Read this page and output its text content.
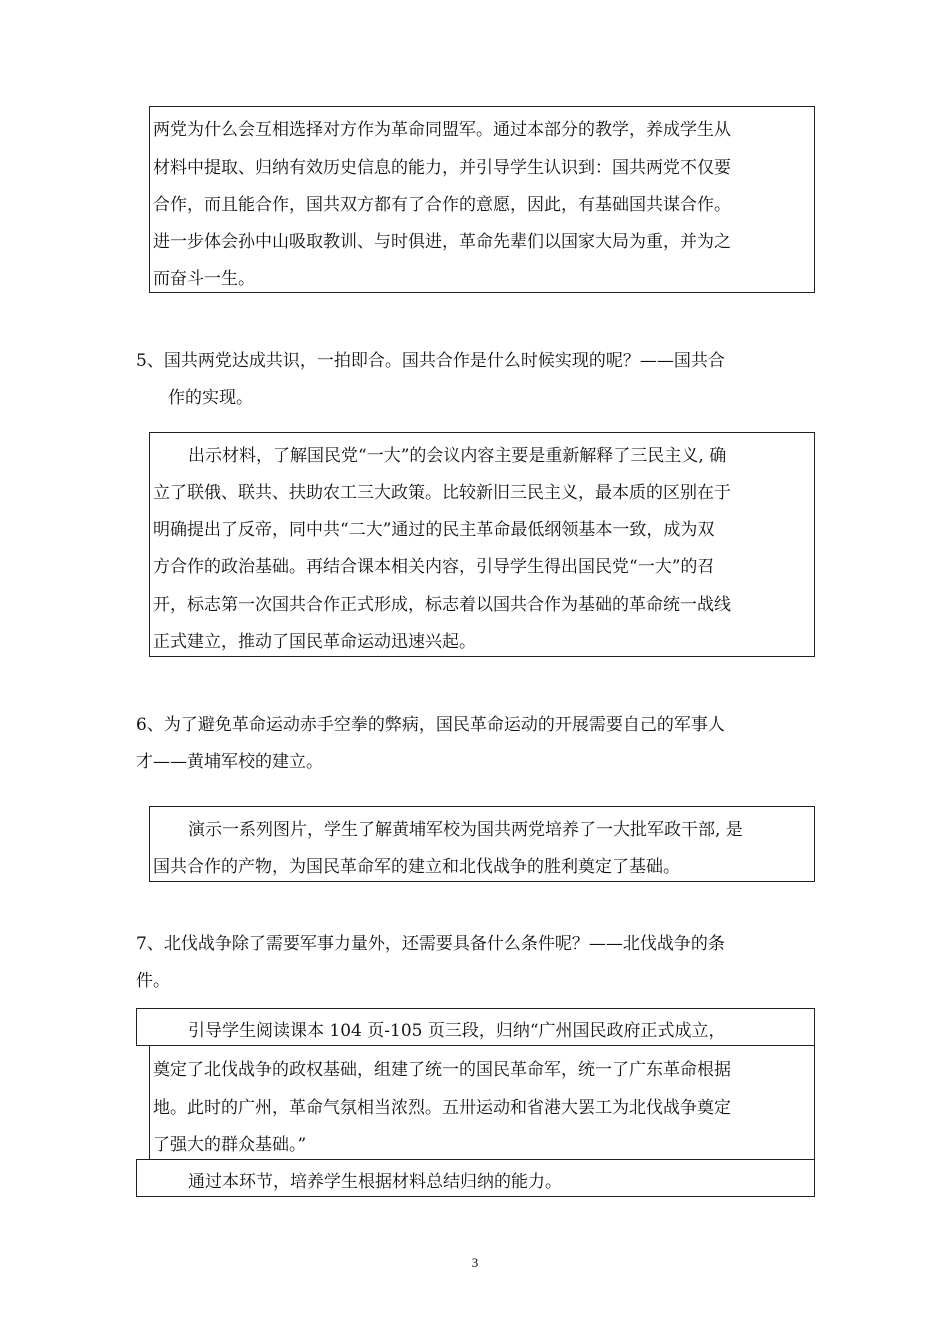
两党为什么会互相选择对方作为革命同盟军。通过本部分的教学，养成学生从
材料中提取、归纳有效历史信息的能力，并引导学生认识到：国共两党不仅要
合作，而且能合作，国共双方都有了合作的意愿，因此，有基础国共谋合作。
进一步体会孙中山吸取教训、与时俱进，革命先辈们以国家大局为重，并为之
而奋斗一生。
5、国共两党达成共识，一拍即合。国共合作是什么时候实现的呢？——国共合
作的实现。
出示材料，了解国民党“一大”的会议内容主要是重新解释了三民主义, 确
立了联俄、联共、扶助农工三大政策。比较新旧三民主义，最本质的区别在于
明确提出了反帝，同中共“二大”通过的民主革命最低纲领基本一致，成为双
方合作的政治基础。再结合课本相关内容，引导学生得出国民党“一大”的召
开，标志第一次国共合作正式形成，标志着以国共合作为基础的革命统一战线
正式建立，推动了国民革命运动迅速兴起。
6、为了避免革命运动赤手空拳的弊病，国民革命运动的开展需要自己的军事人
才——黄埔军校的建立。
演示一系列图片，学生了解黄埔军校为国共两党培养了一大批军政干部, 是
国共合作的产物，为国民革命军的建立和北伐战争的胜利奠定了基础。
7、北伐战争除了需要军事力量外，还需要具备什么条件呢？——北伐战争的条
件。
引导学生阅读课本 104 页-105 页三段，归纳“广州国民政府正式成立，
奠定了北伐战争的政权基础，组建了统一的国民革命军，统一了广东革命根据
地。此时的广州，革命气氛相当浓烈。五卅运动和省港大罢工为北伐战争奠定
了强大的群众基础。”
通过本环节，培养学生根据材料总结归纳的能力。
3
